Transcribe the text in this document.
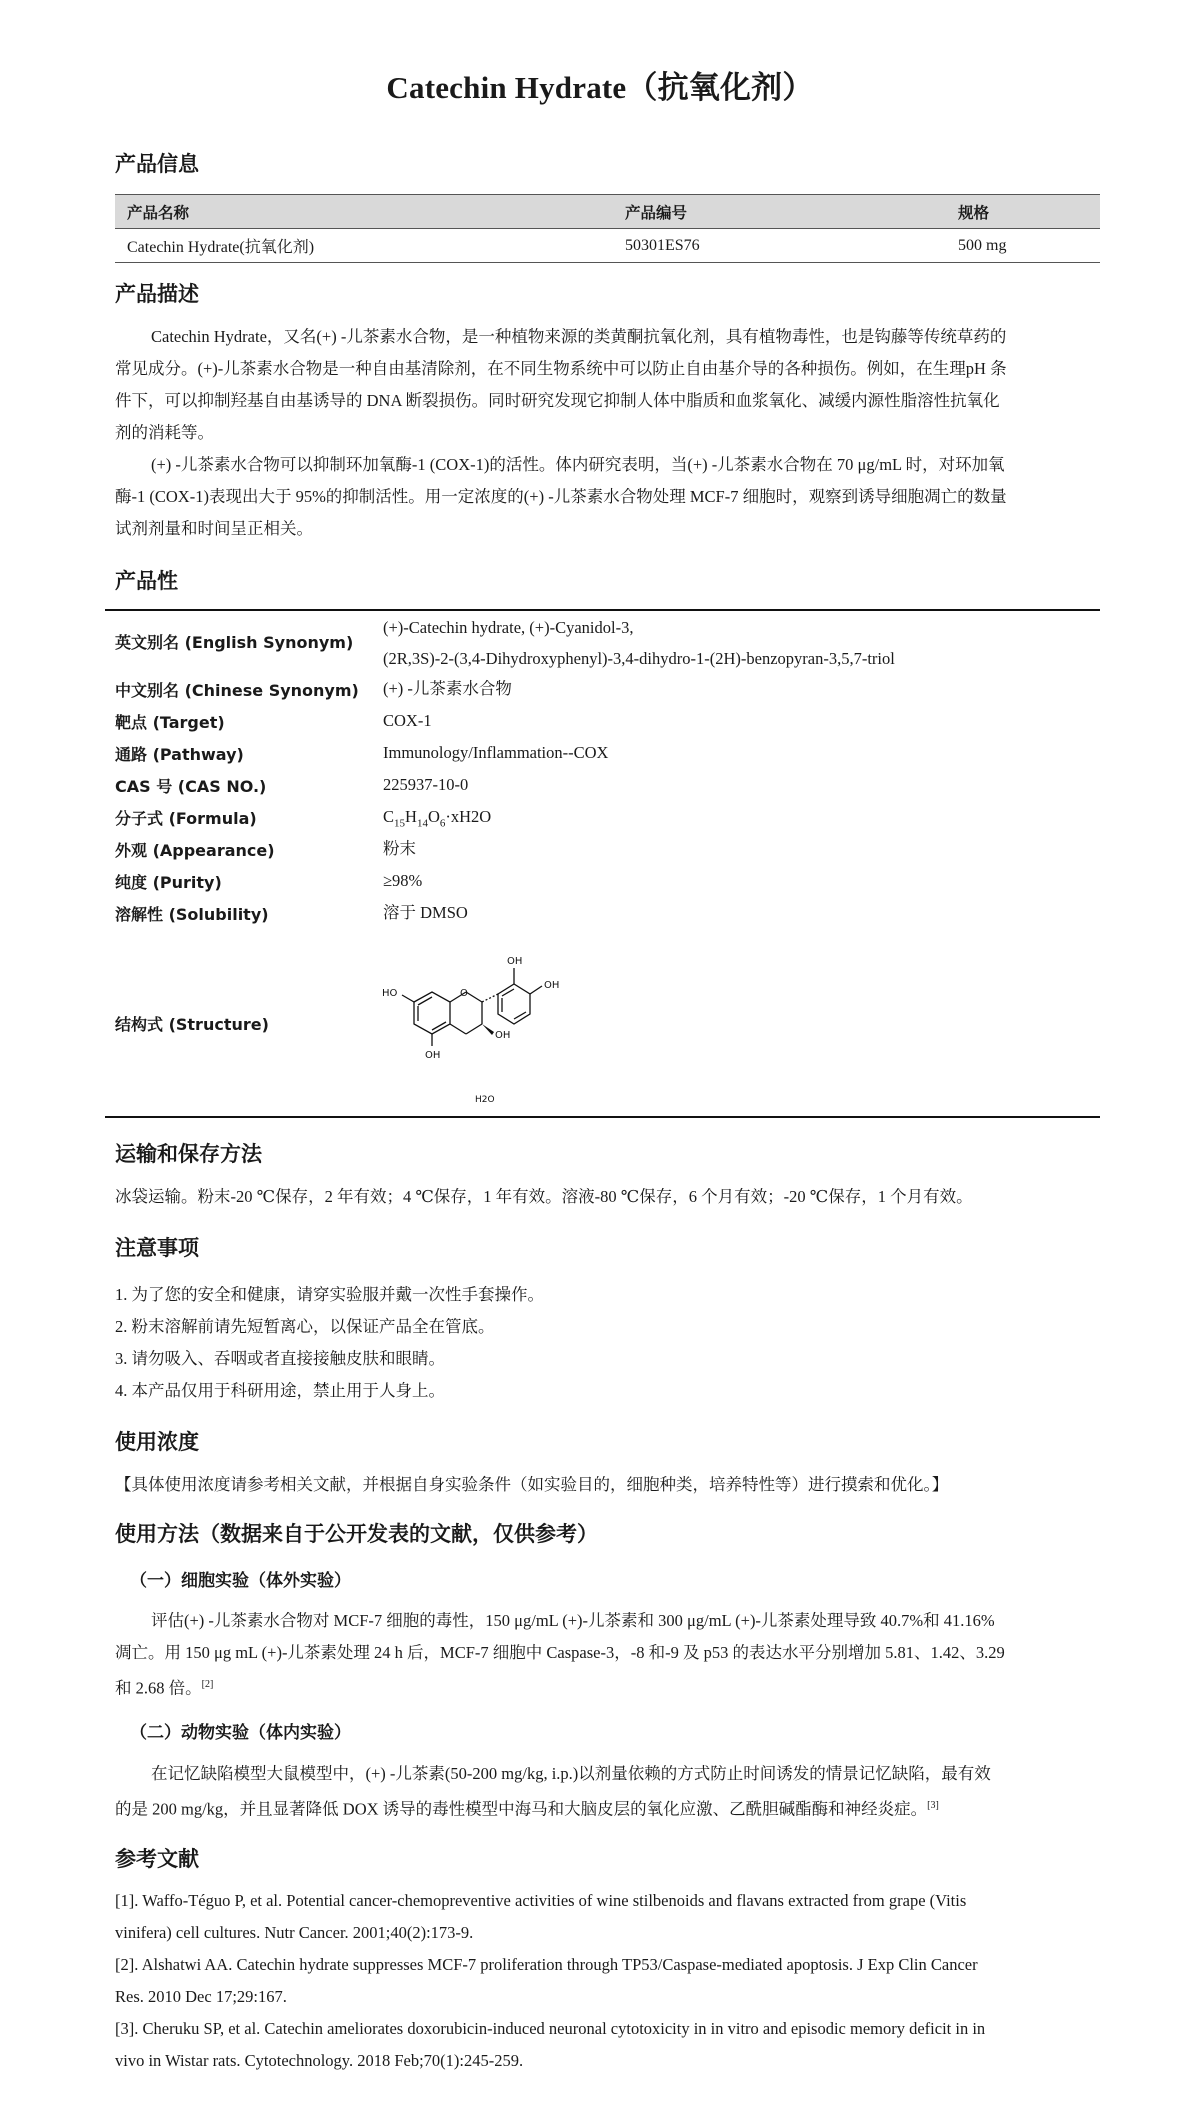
Catechin Hydrate（抗氧化剂）
产品信息
产品名称	产品编号	规格
Catechin Hydrate(抗氧化剂)	50301ES76	500 mg
产品描述
Catechin Hydrate，又名(+) -儿茶素水合物，是一种植物来源的类黄酮抗氧化剂，具有植物毒性，也是钩藤等传统草药的
常见成分。(+)-儿茶素水合物是一种自由基清除剂，在不同生物系统中可以防止自由基介导的各种损伤。例如，在生理pH 条
件下，可以抑制羟基自由基诱导的 DNA 断裂损伤。同时研究发现它抑制人体中脂质和血浆氧化、减缓内源性脂溶性抗氧化
剂的消耗等。
(+) -儿茶素水合物可以抑制环加氧酶-1 (COX-1)的活性。体内研究表明，当(+) -儿茶素水合物在 70 μg/mL 时，对环加氧
酶-1 (COX-1)表现出大于 95%的抑制活性。用一定浓度的(+) -儿茶素水合物处理 MCF-7 细胞时，观察到诱导细胞凋亡的数量
试剂剂量和时间呈正相关。
产品性
英文别名 (English Synonym)
(+)-Catechin hydrate, (+)-Cyanidol-3,
(2R,3S)-2-(3,4-Dihydroxyphenyl)-3,4-dihydro-1-(2H)-benzopyran-3,5,7-triol
中文别名 (Chinese Synonym) (+) -儿茶素水合物
靶点 (Target)	COX-1
通路 (Pathway)	Immunology/Inflammation--COX
CAS 号 (CAS NO.)	225937-10-0
分子式 (Formula)	$C_{15}H_{14}O_6\cdot xH2O$
外观 (Appearance)	粉末
纯度 (Purity)	≥98%
溶解性 (Solubility)	溶于 DMSO
结构式 (Structure)
O
HO
OH
OH
OH
OH
H2O
运输和保存方法
冰袋运输。粉末-20 ℃保存，2 年有效；4 ℃保存，1 年有效。溶液-80 ℃保存，6 个月有效；-20 ℃保存，1 个月有效。
注意事项
1. 为了您的安全和健康，请穿实验服并戴一次性手套操作。
2. 粉末溶解前请先短暂离心，以保证产品全在管底。
3. 请勿吸入、吞咽或者直接接触皮肤和眼睛。
4. 本产品仅用于科研用途，禁止用于人身上。
使用浓度
【具体使用浓度请参考相关文献，并根据自身实验条件（如实验目的，细胞种类，培养特性等）进行摸索和优化。】
使用方法（数据来自于公开发表的文献，仅供参考）
（一）细胞实验（体外实验）
评估(+) -儿茶素水合物对 MCF-7 细胞的毒性，150 μg/mL (+)-儿茶素和 300 μg/mL (+)-儿茶素处理导致 40.7%和 41.16%
凋亡。用 150 μg mL (+)-儿茶素处理 24 h 后，MCF-7 细胞中 Caspase-3，-8 和-9 及 p53 的表达水平分别增加 5.81、1.42、3.29
和 2.68 倍。[2]
（二）动物实验（体内实验）
在记忆缺陷模型大鼠模型中，(+) -儿茶素(50-200 mg/kg, i.p.)以剂量依赖的方式防止时间诱发的情景记忆缺陷，最有效
的是 200 mg/kg，并且显著降低 DOX 诱导的毒性模型中海马和大脑皮层的氧化应激、乙酰胆碱酯酶和神经炎症。[3]
参考文献
[1]. Waffo-Téguo P, et al. Potential cancer-chemopreventive activities of wine stilbenoids and flavans extracted from grape (Vitis
vinifera) cell cultures. Nutr Cancer. 2001;40(2):173-9.
[2]. Alshatwi AA. Catechin hydrate suppresses MCF-7 proliferation through TP53/Caspase-mediated apoptosis. J Exp Clin Cancer
Res. 2010 Dec 17;29:167.
[3]. Cheruku SP, et al. Catechin ameliorates doxorubicin-induced neuronal cytotoxicity in in vitro and episodic memory deficit in in
vivo in Wistar rats. Cytotechnology. 2018 Feb;70(1):245-259.
